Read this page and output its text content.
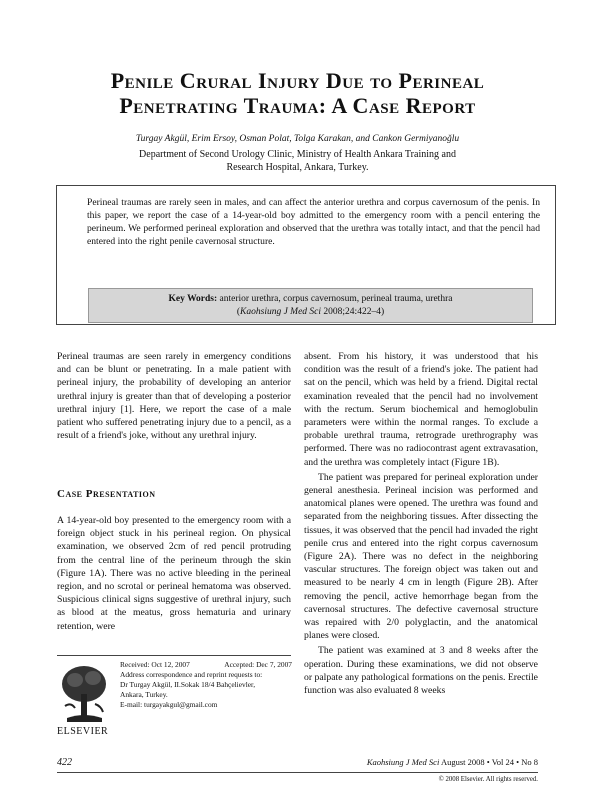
Penile Crural Injury Due to Perineal
Penetrating Trauma: A Case Report
Turgay Akgül, Erim Ersoy, Osman Polat, Tolga Karakan, and Cankon Germiyanoğlu
Department of Second Urology Clinic, Ministry of Health Ankara Training and
Research Hospital, Ankara, Turkey.
Perineal traumas are rarely seen in males, and can affect the anterior urethra and corpus cavernosum of the penis. In this paper, we report the case of a 14-year-old boy admitted to the emergency room with a pencil entering the perineum. We performed perineal exploration and observed that the urethra was totally intact, and that the pencil had entered into the right penile cavernosal structure.
Key Words: anterior urethra, corpus cavernosum, perineal trauma, urethra
(Kaohsiung J Med Sci 2008;24:422–4)

Perineal traumas are seen rarely in emergency conditions and can be blunt or penetrating. In a male patient with perineal injury, the probability of developing an anterior urethral injury is greater than that of developing a posterior urethral injury [1]. Here, we report the case of a male patient who suffered penetrating injury due to a pencil, as a result of a friend's joke, without any urethral injury.

Case Presentation
A 14-year-old boy presented to the emergency room with a foreign object stuck in his perineal region. On physical examination, we observed 2cm of red pencil protruding from the central line of the perineum through the skin (Figure 1A). There was no active bleeding in the perineal region, and no scrotal or perineal hematoma was observed. Suspicious clinical signs suggestive of urethral injury, such as blood at the meatus, gross hematuria and urinary retention, were

absent. From his history, it was understood that his condition was the result of a friend's joke. The patient had sat on the pencil, which was held by a friend. Digital rectal examination revealed that the pencil had no involvement with the rectum. Serum biochemical and hemoglobulin parameters were within the normal ranges. To exclude a probable urethral trauma, retrograde urethrography was performed. There was no radiocontrast agent extravasation, and the urethra was completely intact (Figure 1B).

The patient was prepared for perineal exploration under general anesthesia. Perineal incision was performed and anatomical planes were opened. The urethra was found and separated from the neighboring tissues. After dissecting the tissues, it was observed that the pencil had invaded the right penile crus and entered into the right corpus cavernosum (Figure 2A). There was no defect in the neighboring vascular structures. The foreign object was taken out and measured to be nearly 4 cm in length (Figure 2B). After removing the pencil, active hemorrhage began from the cavernosal structures. The defective cavernosal structure was repaired with 2/0 polyglactin, and the anatomical planes were closed.

The patient was examined at 3 and 8 weeks after the operation. During these examinations, we did not observe or palpate any pathological formations on the penis. Erectile function was also evaluated 8 weeks

ELSEVIER
Received: Oct 12, 2007	Accepted: Dec 7, 2007
Address correspondence and reprint requests to:
Dr Turgay Akgül, II.Sokak 18/4 Bahçelievler,
Ankara, Turkey.
E-mail: turgayakgul@gmail.com
422	Kaohsiung J Med Sci August 2008 • Vol 24 • No 8
© 2008 Elsevier. All rights reserved.
